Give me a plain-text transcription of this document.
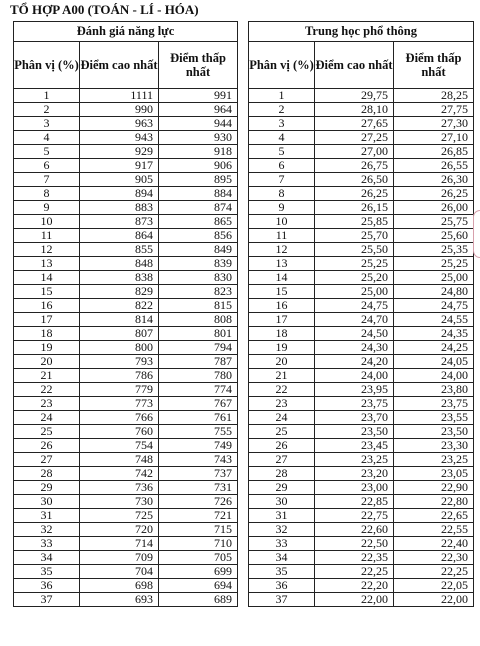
TỔ HỢP A00 (TOÁN - LÍ - HÓA)
Đánh giá năng lực		
Phân vị (%)	Điểm cao nhất	Điểm thấp nhất
1	1111	991
2	990	964
3	963	944
4	943	930
5	929	918
6	917	906
7	905	895
8	894	884
9	883	874
10	873	865
11	864	856
12	855	849
13	848	839
14	838	830
15	829	823
16	822	815
17	814	808
18	807	801
19	800	794
20	793	787
21	786	780
22	779	774
23	773	767
24	766	761
25	760	755
26	754	749
27	748	743
28	742	737
29	736	731
30	730	726
31	725	721
32	720	715
33	714	710
34	709	705
35	704	699
36	698	694
37	693	689
Trung học phổ thông		
Phân vị (%)	Điểm cao nhất	Điểm thấp nhất
1	29,75	28,25
2	28,10	27,75
3	27,65	27,30
4	27,25	27,10
5	27,00	26,85
6	26,75	26,55
7	26,50	26,30
8	26,25	26,25
9	26,15	26,00
10	25,85	25,75
11	25,70	25,60
12	25,50	25,35
13	25,25	25,25
14	25,20	25,00
15	25,00	24,80
16	24,75	24,75
17	24,70	24,55
18	24,50	24,35
19	24,30	24,25
20	24,20	24,05
21	24,00	24,00
22	23,95	23,80
23	23,75	23,75
24	23,70	23,55
25	23,50	23,50
26	23,45	23,30
27	23,25	23,25
28	23,20	23,05
29	23,00	22,90
30	22,85	22,80
31	22,75	22,65
32	22,60	22,55
33	22,50	22,40
34	22,35	22,30
35	22,25	22,25
36	22,20	22,05
37	22,00	22,00
